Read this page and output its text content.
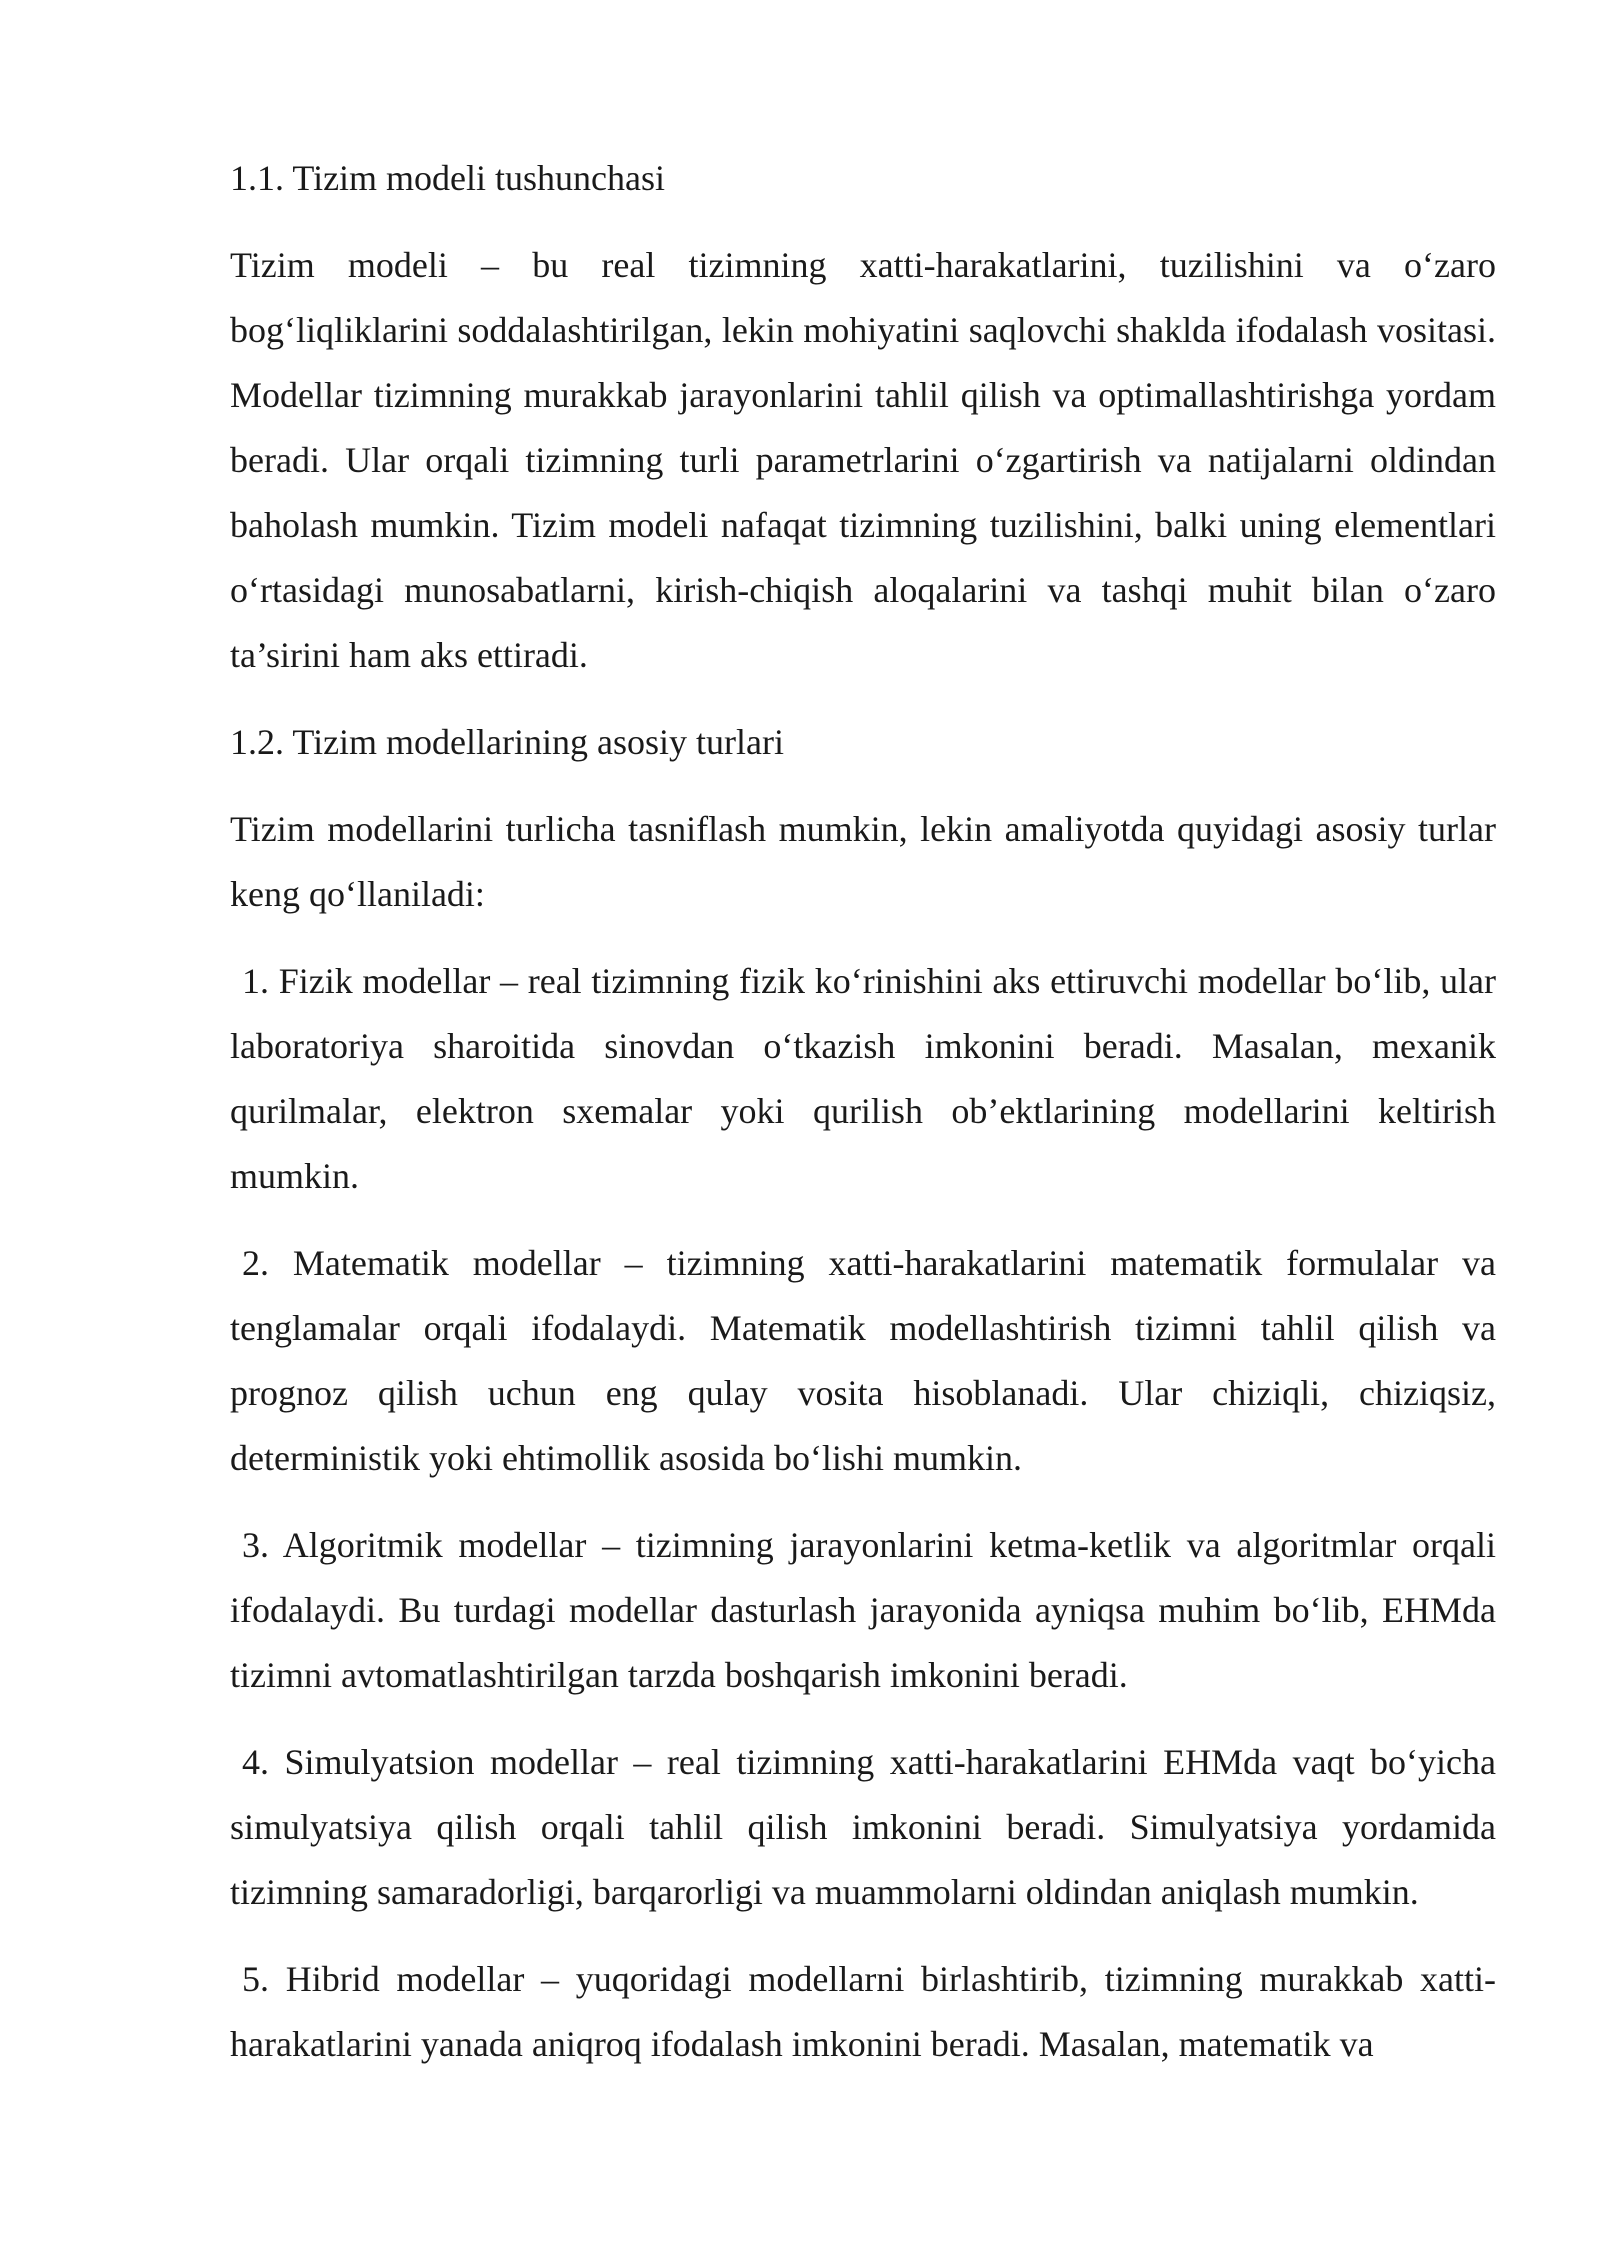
1.1. Tizim modeli tushunchasi
Tizim modeli – bu real tizimning xatti-harakatlarini, tuzilishini va o‘zaro bog‘liqliklarini soddalashtirilgan, lekin mohiyatini saqlovchi shaklda ifodalash vositasi. Modellar tizimning murakkab jarayonlarini tahlil qilish va optimallashtirishga yordam beradi. Ular orqali tizimning turli parametrlarini o‘zgartirish va natijalarni oldindan baholash mumkin. Tizim modeli nafaqat tizimning tuzilishini, balki uning elementlari o‘rtasidagi munosabatlarni, kirish-chiqish aloqalarini va tashqi muhit bilan o‘zaro ta’sirini ham aks ettiradi.
1.2. Tizim modellarining asosiy turlari
Tizim modellarini turlicha tasniflash mumkin, lekin amaliyotda quyidagi asosiy turlar keng qo‘llaniladi:
1. Fizik modellar – real tizimning fizik ko‘rinishini aks ettiruvchi modellar bo‘lib, ular laboratoriya sharoitida sinovdan o‘tkazish imkonini beradi. Masalan, mexanik qurilmalar, elektron sxemalar yoki qurilish ob’ektlarining modellarini keltirish mumkin.
2. Matematik modellar – tizimning xatti-harakatlarini matematik formulalar va tenglamalar orqali ifodalaydi. Matematik modellashtirish tizimni tahlil qilish va prognoz qilish uchun eng qulay vosita hisoblanadi. Ular chiziqli, chiziqsiz, deterministik yoki ehtimollik asosida bo‘lishi mumkin.
3. Algoritmik modellar – tizimning jarayonlarini ketma-ketlik va algoritmlar orqali ifodalaydi. Bu turdagi modellar dasturlash jarayonida ayniqsa muhim bo‘lib, EHMda tizimni avtomatlashtirilgan tarzda boshqarish imkonini beradi.
4. Simulyatsion modellar – real tizimning xatti-harakatlarini EHMda vaqt bo‘yicha simulyatsiya qilish orqali tahlil qilish imkonini beradi. Simulyatsiya yordamida tizimning samaradorligi, barqarorligi va muammolarni oldindan aniqlash mumkin.
5. Hibrid modellar – yuqoridagi modellarni birlashtirib, tizimning murakkab xatti-harakatlarini yanada aniqroq ifodalash imkonini beradi. Masalan, matematik va
